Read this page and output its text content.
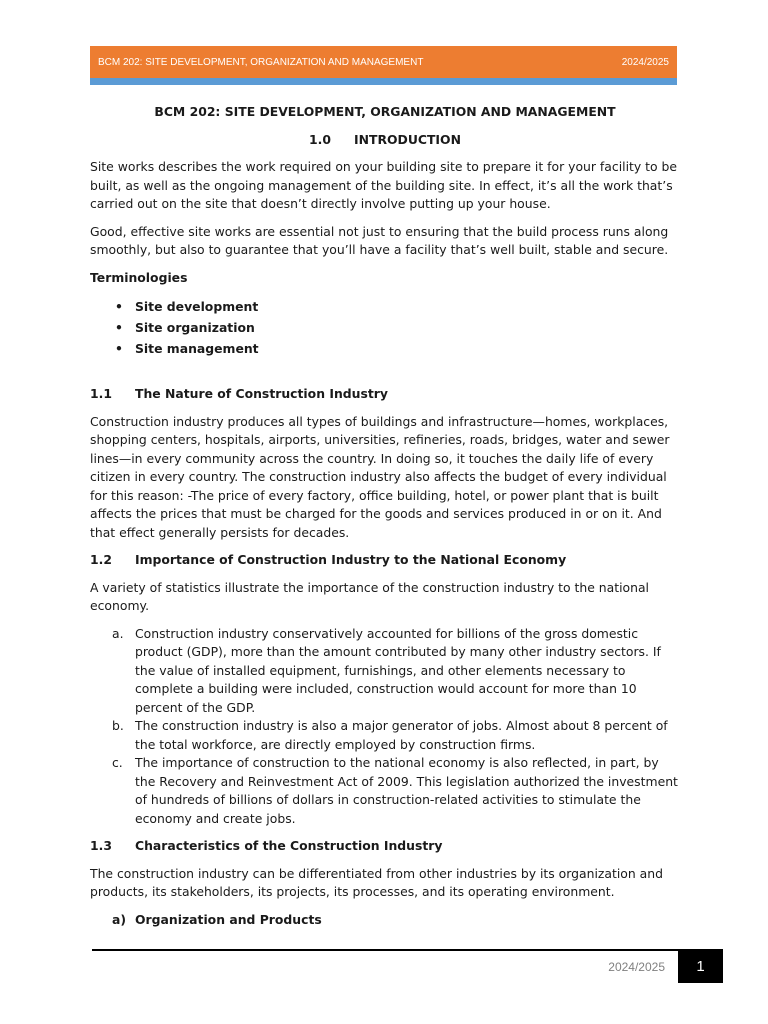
BCM 202: SITE DEVELOPMENT, ORGANIZATION AND MANAGEMENT	2024/2025
BCM 202: SITE DEVELOPMENT, ORGANIZATION AND MANAGEMENT
1.0 INTRODUCTION

Site works describes the work required on your building site to prepare it for your facility to be built, as well as the ongoing management of the building site. In effect, it’s all the work that’s carried out on the site that doesn’t directly involve putting up your house.

Good, effective site works are essential not just to ensuring that the build process runs along smoothly, but also to guarantee that you’ll have a facility that’s well built, stable and secure.

Terminologies
• Site development
• Site organization
• Site management
1.1	The Nature of Construction Industry

Construction industry produces all types of buildings and infrastructure—homes, workplaces, shopping centers, hospitals, airports, universities, refineries, roads, bridges, water and sewer lines—in every community across the country. In doing so, it touches the daily life of every citizen in every country. The construction industry also affects the budget of every individual for this reason: -The price of every factory, office building, hotel, or power plant that is built affects the prices that must be charged for the goods and services produced in or on it. And that effect generally persists for decades.

1.2	Importance of Construction Industry to the National Economy

A variety of statistics illustrate the importance of the construction industry to the national economy.

a. Construction industry conservatively accounted for billions of the gross domestic product (GDP), more than the amount contributed by many other industry sectors. If the value of installed equipment, furnishings, and other elements necessary to complete a building were included, construction would account for more than 10 percent of the GDP.
b. The construction industry is also a major generator of jobs. Almost about 8 percent of the total workforce, are directly employed by construction firms.
c. The importance of construction to the national economy is also reflected, in part, by the Recovery and Reinvestment Act of 2009. This legislation authorized the investment of hundreds of billions of dollars in construction-related activities to stimulate the economy and create jobs.
1.3	Characteristics of the Construction Industry

The construction industry can be differentiated from other industries by its organization and products, its stakeholders, its projects, its processes, and its operating environment.

a) Organization and Products
2024/2025	1
